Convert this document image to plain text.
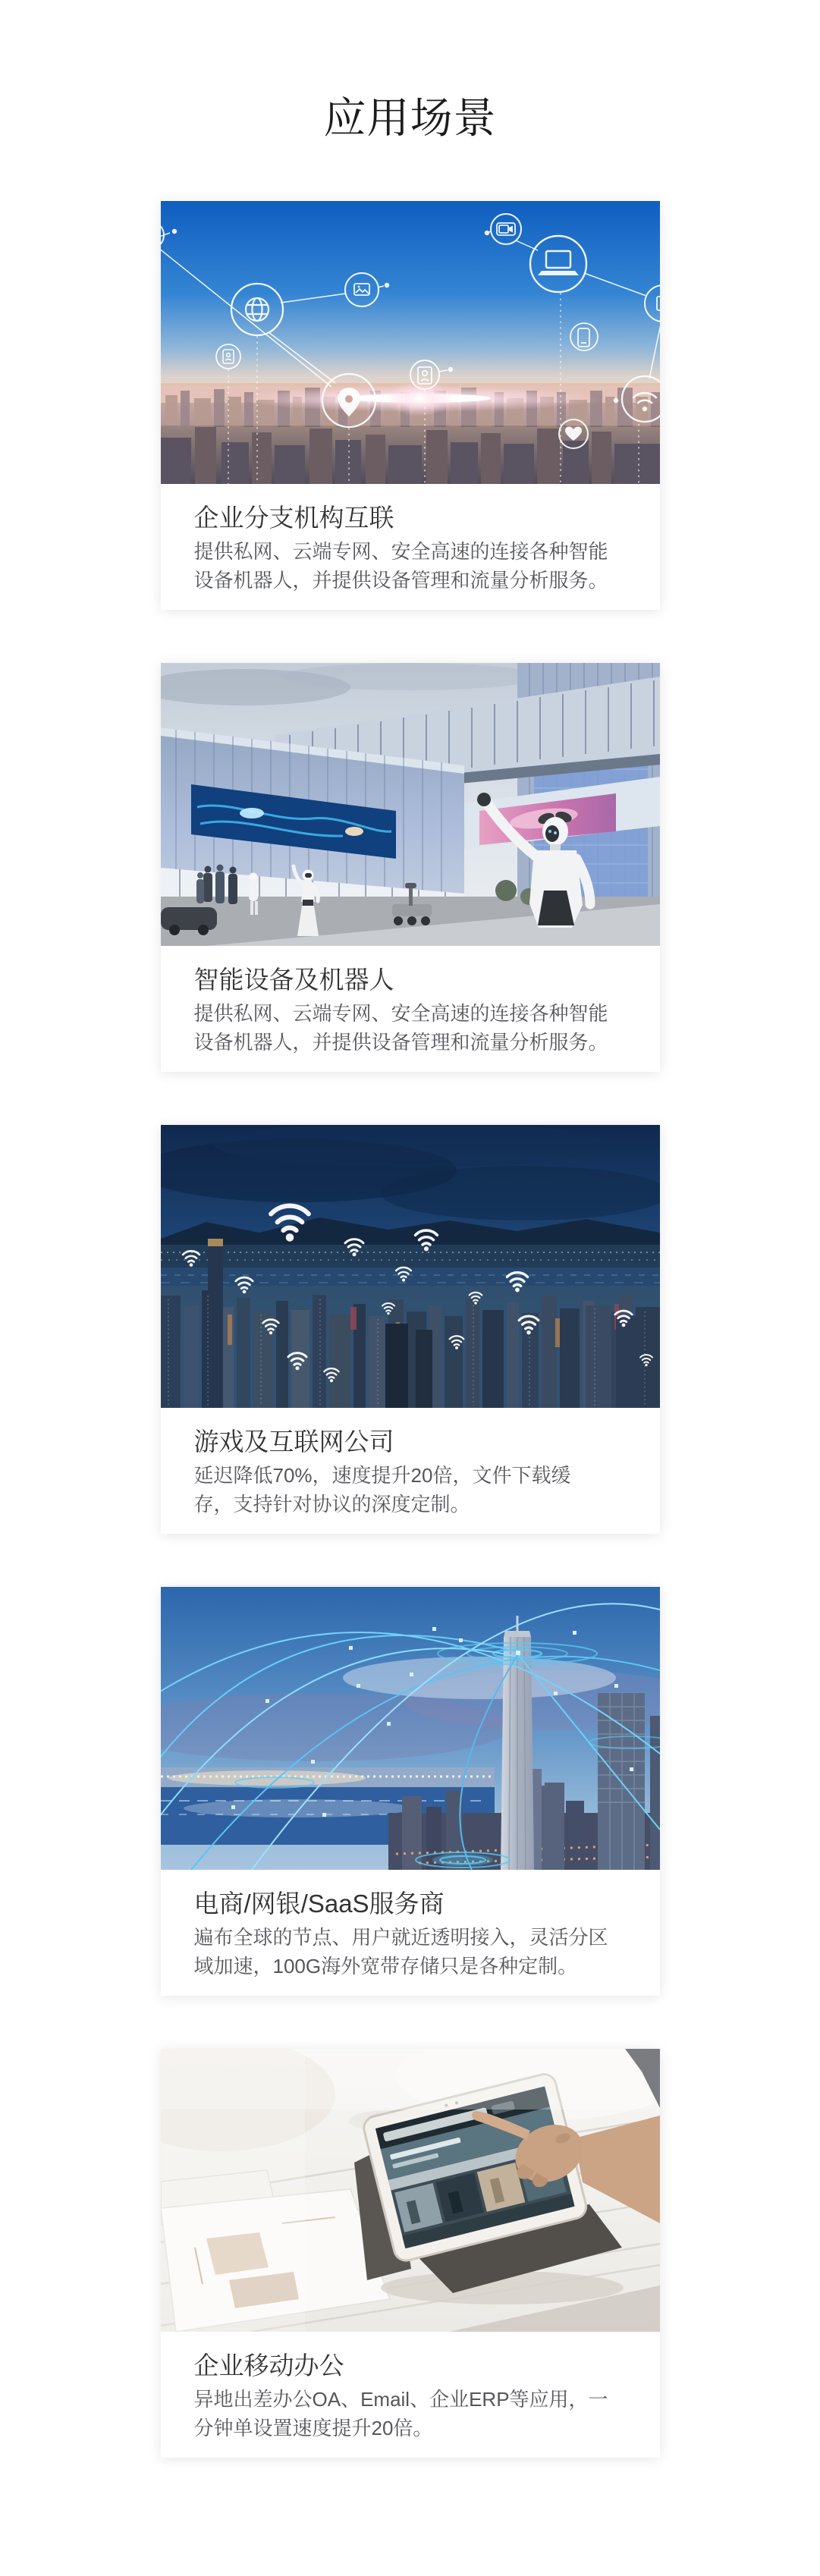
应用场景
企业分支机构互联

提供私网、云端专网、安全高速的连接各种智能设备机器人，并提供设备管理和流量分析服务。

智能设备及机器人

提供私网、云端专网、安全高速的连接各种智能设备机器人，并提供设备管理和流量分析服务。

游戏及互联网公司

延迟降低70%，速度提升20倍，文件下载缓存，支持针对协议的深度定制。

电商/网银/SaaS服务商

遍布全球的节点、用户就近透明接入，灵活分区域加速，100G海外宽带存储只是各种定制。

企业移动办公

异地出差办公OA、Email、企业ERP等应用，一分钟单设置速度提升20倍。
